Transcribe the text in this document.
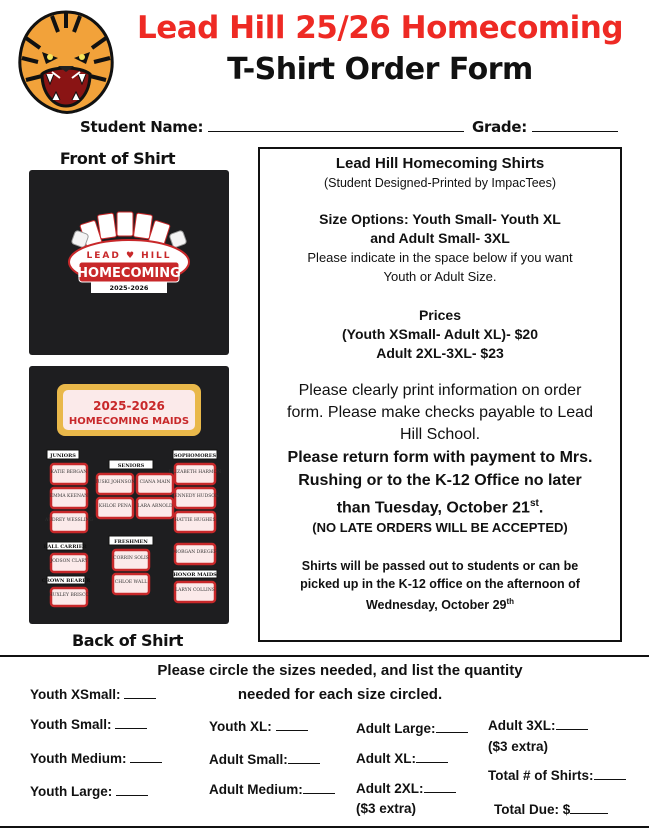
Lead Hill 25/26 Homecoming
T-Shirt Order Form
Student Name:	Grade:
Front of Shirt
LEAD ♥ HILL
HOMECOMING
2025-2026
2025-2026
HOMECOMING MAIDS
JUNIORS
SENIORS
SOPHOMORES
KATIE BERGAN
EMMA KEENAN
AUDREY WESSLING
TUSKI JOHNSON
KHLOE PENA
CIANA MAIN
LARA ARNOLD
ELIZABETH HARMON
KENNEDY HUDSON
HATTIE HUGHES
BALL CARRIER
JODSON CLARY
CROWN BEARER
HUXLEY BRISCO
FRESHMEN
CORRIN SOLIS
CHLOE WALL
MORGAN DREGER
HONOR MAIDS
LARYN COLLINS
Back of Shirt
Lead Hill Homecoming Shirts
(Student Designed-Printed by ImpacTees)
Size Options: Youth Small- Youth XL
and Adult Small- 3XL
Please indicate in the space below if you want
Youth or Adult Size.
Prices
(Youth XSmall- Adult XL)- $20
Adult 2XL-3XL- $23
Please clearly print information on order
form. Please make checks payable to Lead
Hill School.
Please return form with payment to Mrs.
Rushing or to the K-12 Office no later
than Tuesday, October 21st.
(NO LATE ORDERS WILL BE ACCEPTED)
Shirts will be passed out to students or can be
picked up in the K-12 office on the afternoon of
Wednesday, October 29th
Please circle the sizes needed, and list the quantity
needed for each size circled.
Youth XSmall:
Youth Small:
Youth Medium:
Youth Large:
Youth XL:
Adult Small:
Adult Medium:
Adult Large:
Adult XL:
Adult 2XL:
($3 extra)
Adult 3XL:
($3 extra)
Total # of Shirts:
Total Due: $
